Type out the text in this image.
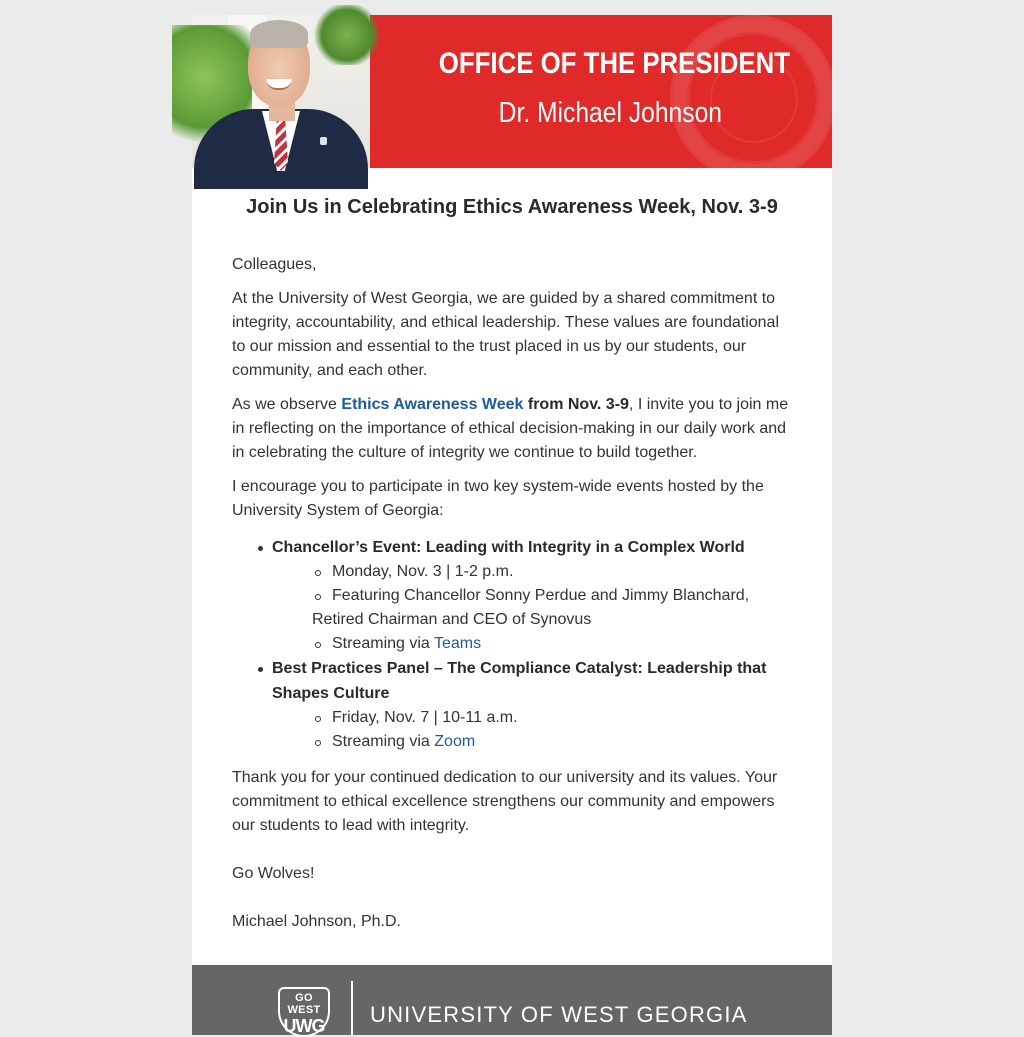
OFFICE OF THE PRESIDENT
Dr. Michael Johnson
Join Us in Celebrating Ethics Awareness Week, Nov. 3-9

Colleagues,

At the University of West Georgia, we are guided by a shared commitment to integrity, accountability, and ethical leadership. These values are foundational to our mission and essential to the trust placed in us by our students, our community, and each other.

As we observe Ethics Awareness Week from Nov. 3-9, I invite you to join me in reflecting on the importance of ethical decision-making in our daily work and in celebrating the culture of integrity we continue to build together.

I encourage you to participate in two key system-wide events hosted by the University System of Georgia:

Chancellor’s Event: Leading with Integrity in a Complex World
Monday, Nov. 3 | 1-2 p.m.
Featuring Chancellor Sonny Perdue and Jimmy Blanchard, Retired Chairman and CEO of Synovus
Streaming via Teams
Best Practices Panel – The Compliance Catalyst: Leadership that Shapes Culture
Friday, Nov. 7 | 10-11 a.m.
Streaming via Zoom

Thank you for your continued dedication to our university and its values. Your commitment to ethical excellence strengthens our community and empowers our students to lead with integrity.

Go Wolves!

Michael Johnson, Ph.D.

GO WEST
UWG UNIVERSITY OF WEST GEORGIA
